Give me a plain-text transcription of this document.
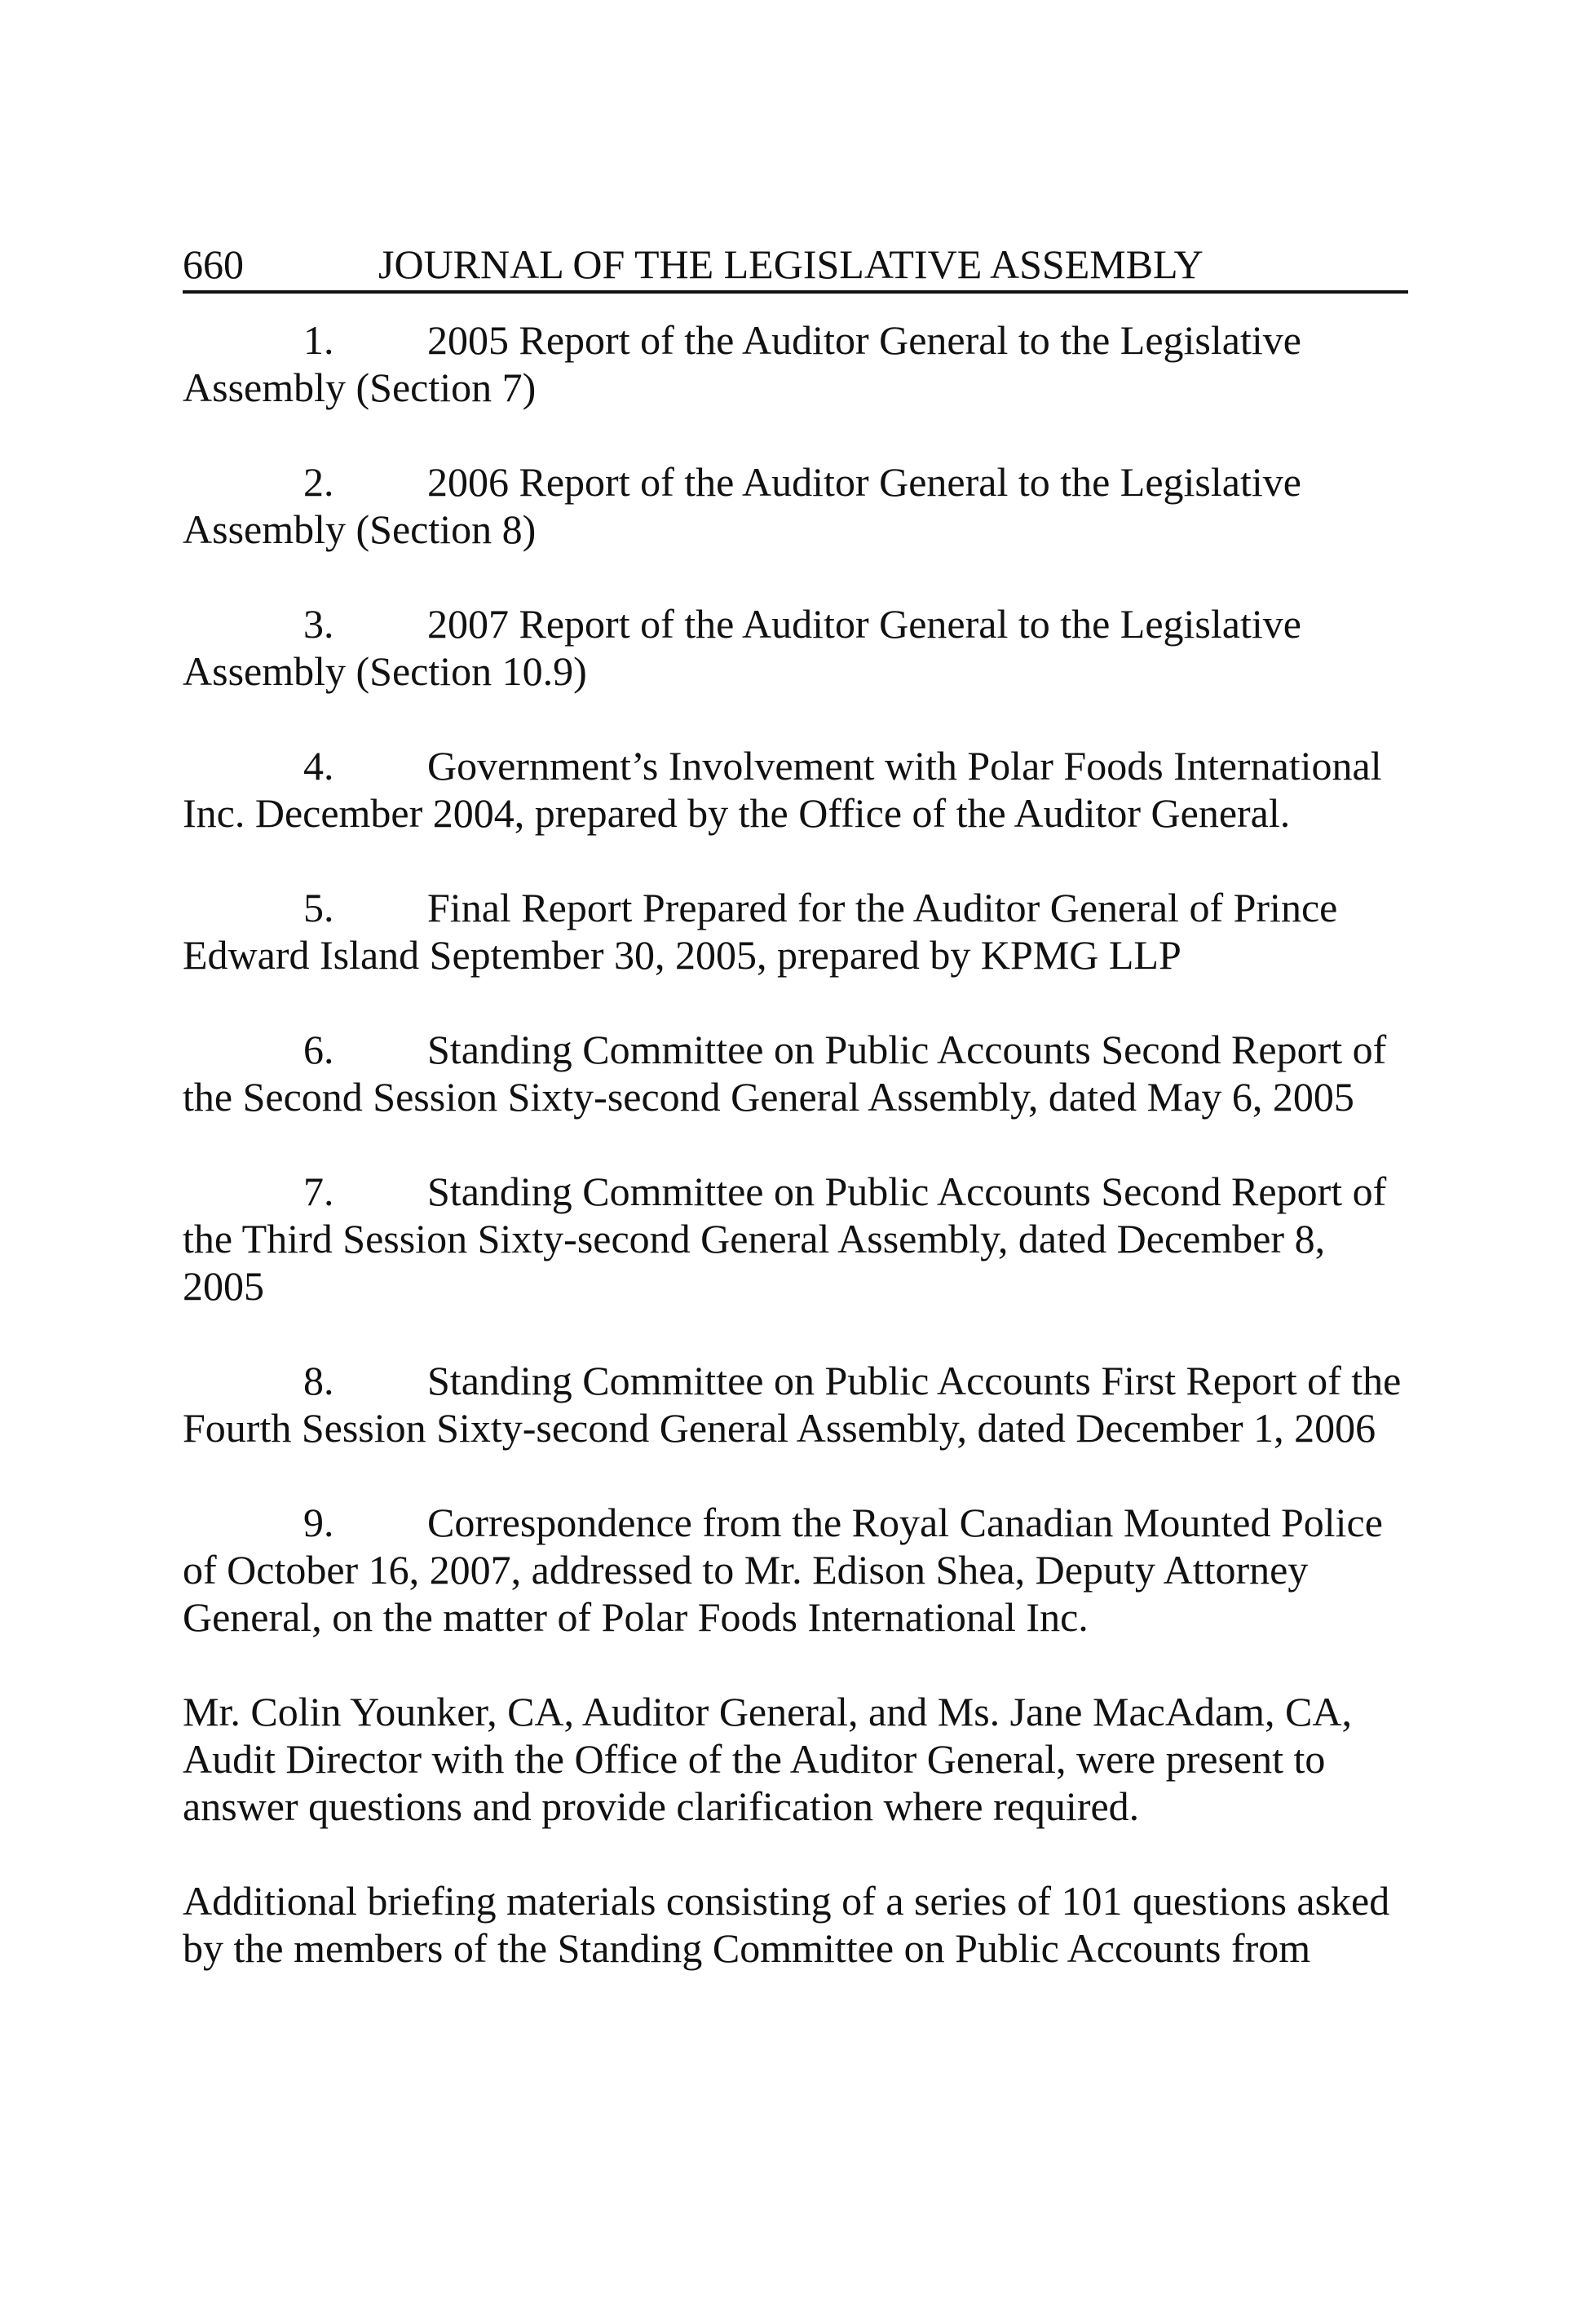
660	JOURNAL OF THE LEGISLATIVE ASSEMBLY
1. 2005 Report of the Auditor General to the Legislative
Assembly (Section 7)
2. 2006 Report of the Auditor General to the Legislative
Assembly (Section 8)
3. 2007 Report of the Auditor General to the Legislative
Assembly (Section 10.9)
4. Government’s Involvement with Polar Foods International
Inc. December 2004, prepared by the Office of the Auditor General.
5. Final Report Prepared for the Auditor General of Prince
Edward Island September 30, 2005, prepared by KPMG LLP
6. Standing Committee on Public Accounts Second Report of
the Second Session Sixty-second General Assembly, dated May 6, 2005
7. Standing Committee on Public Accounts Second Report of
the Third Session Sixty-second General Assembly, dated December 8,
2005
8. Standing Committee on Public Accounts First Report of the
Fourth Session Sixty-second General Assembly, dated December 1, 2006
9. Correspondence from the Royal Canadian Mounted Police
of October 16, 2007, addressed to Mr. Edison Shea, Deputy Attorney
General, on the matter of Polar Foods International Inc.
Mr. Colin Younker, CA, Auditor General, and Ms. Jane MacAdam, CA,
Audit Director with the Office of the Auditor General, were present to
answer questions and provide clarification where required.
Additional briefing materials consisting of a series of 101 questions asked
by the members of the Standing Committee on Public Accounts from
